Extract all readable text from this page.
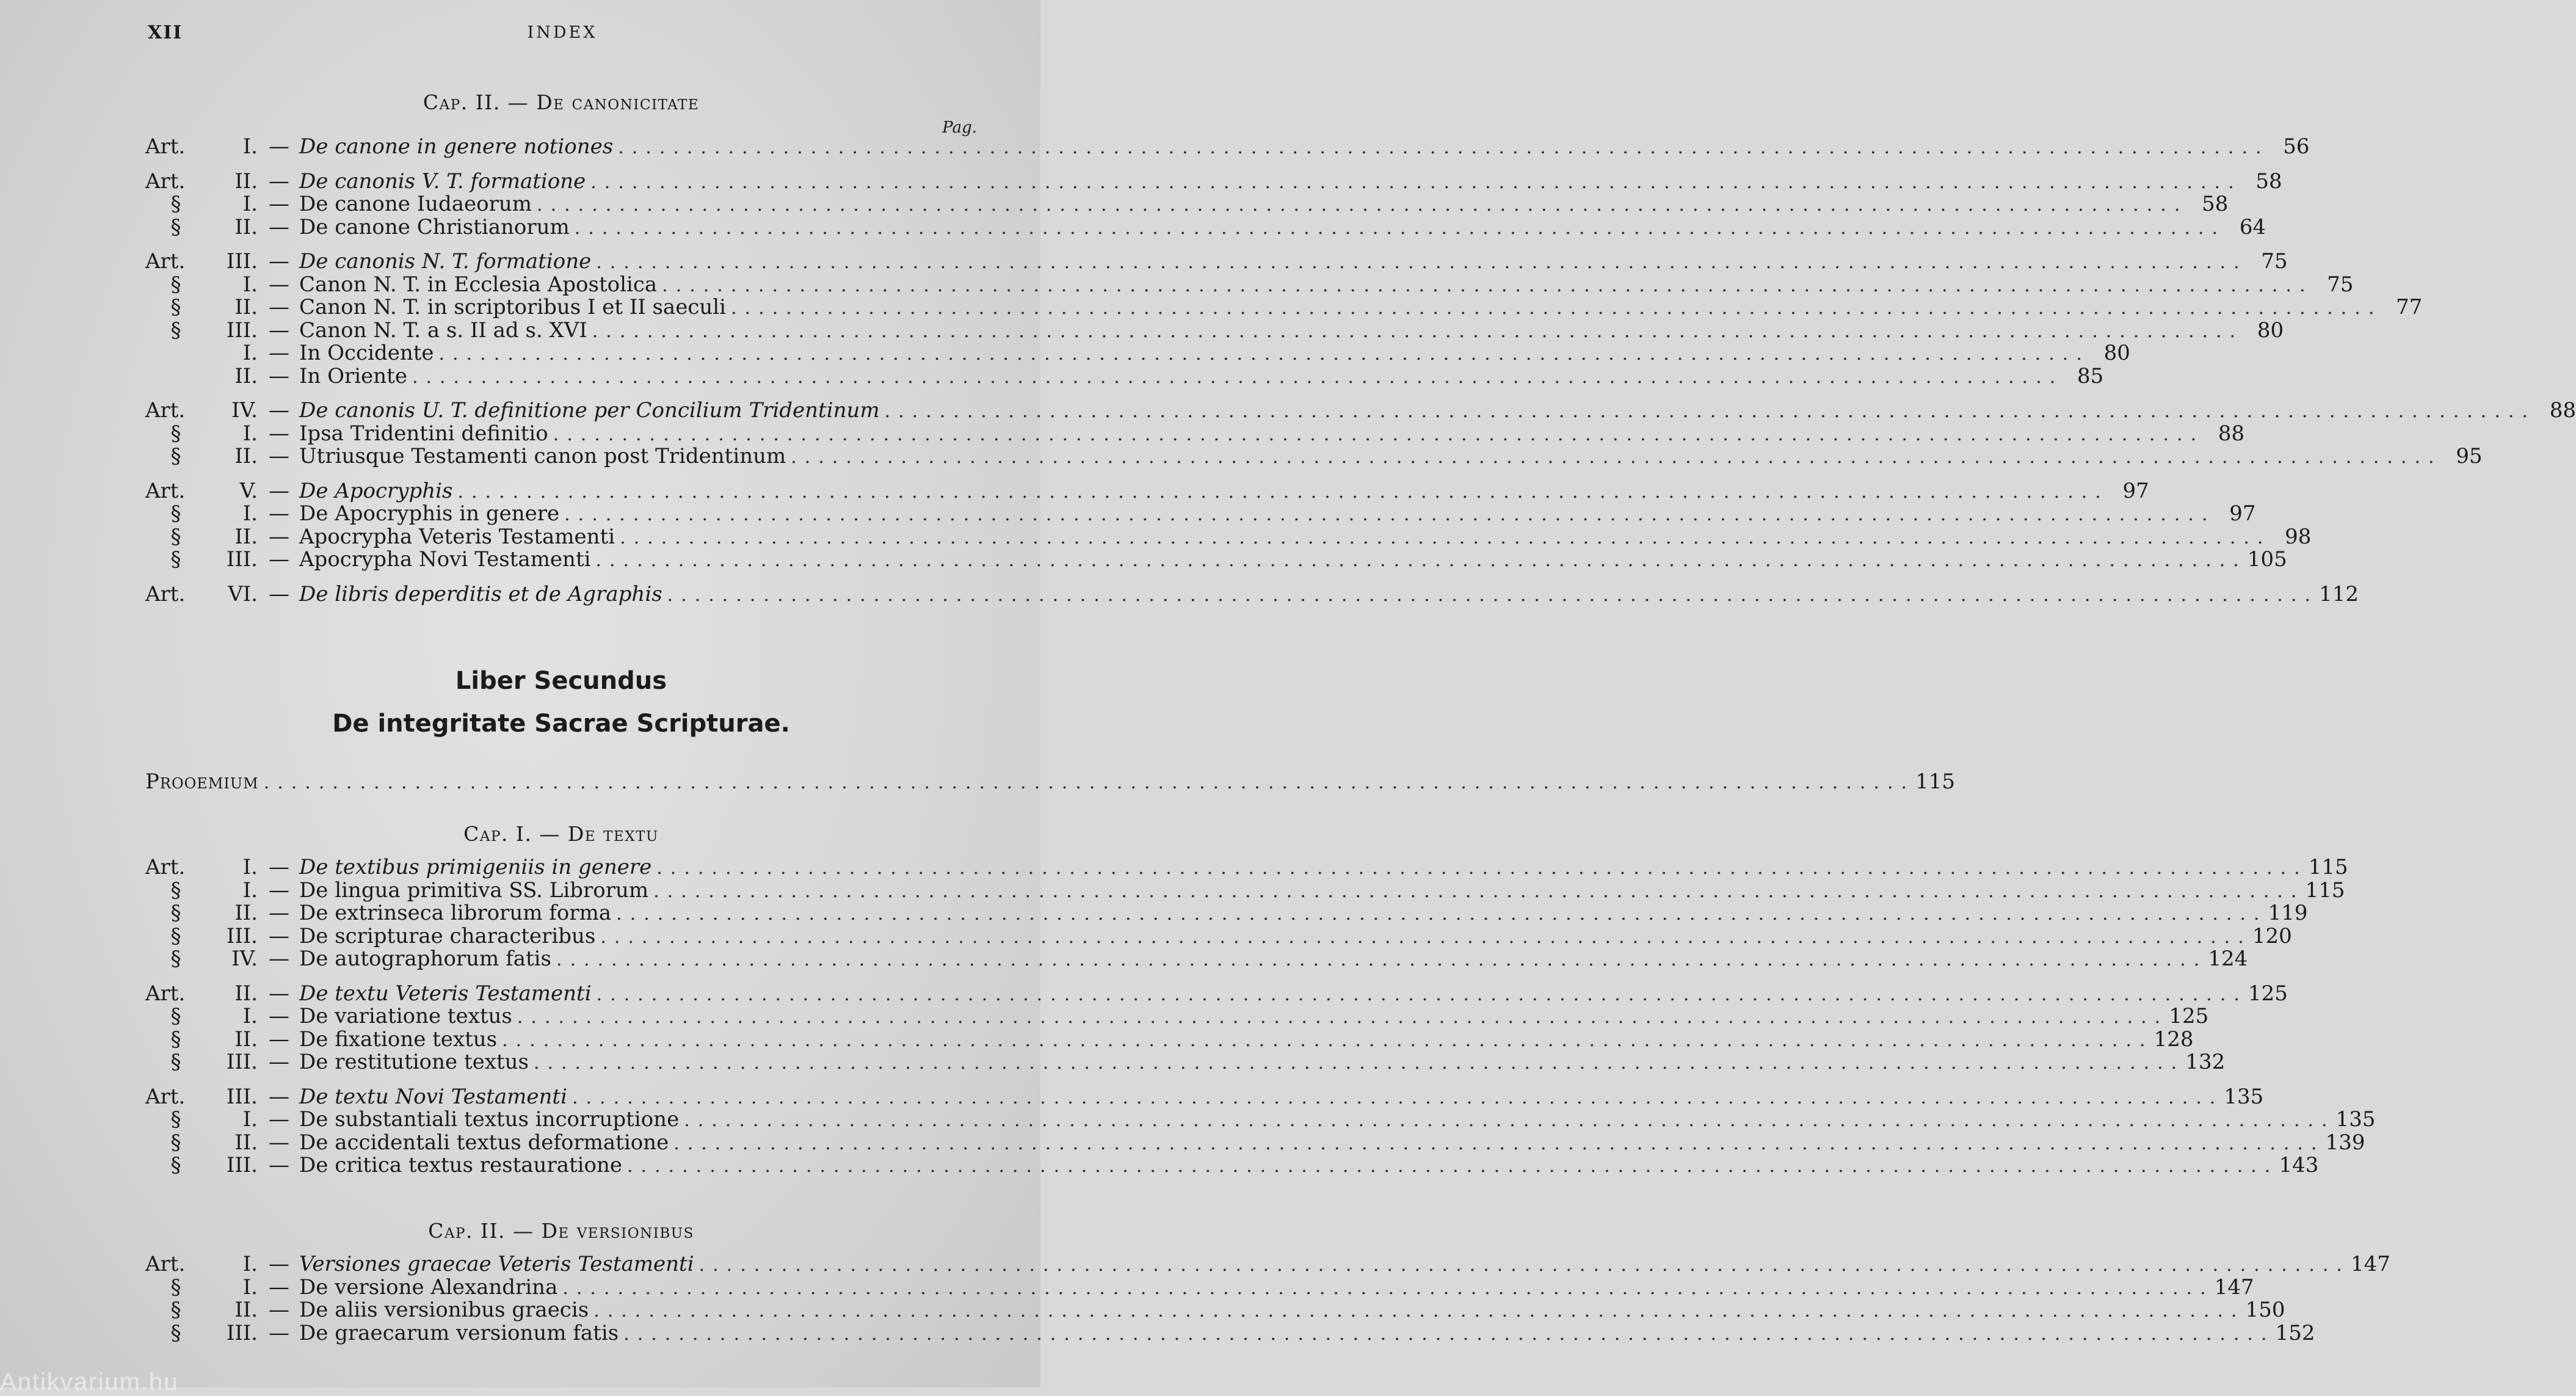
XII	INDEX
Cap. II. — De canonicitate
Pag.
Art.	I. — De canone in genere notiones ........................................................................................................................ 56
Art.	II. — De canonis V. T. formatione ........................................................................................................................ 58
§	I. — De canone Iudaeorum ........................................................................................................................ 58
§	II. — De canone Christianorum ........................................................................................................................ 64
Art.	III. — De canonis N. T. formatione ........................................................................................................................ 75
§	I. — Canon N. T. in Ecclesia Apostolica ........................................................................................................................ 75
§	II. — Canon N. T. in scriptoribus I et II saeculi ........................................................................................................................ 77
§	III. — Canon N. T. a s. II ad s. XVI ........................................................................................................................ 80
I. — In Occidente ........................................................................................................................ 80
II. — In Oriente ........................................................................................................................ 85
Art.	IV. — De canonis U. T. definitione per Concilium Tridentinum ........................................................................................................................ 88
§	I. — Ipsa Tridentini definitio ........................................................................................................................ 88
§	II. — Utriusque Testamenti canon post Tridentinum ........................................................................................................................ 95
Art.	V. — De Apocryphis ........................................................................................................................ 97
§	I. — De Apocryphis in genere ........................................................................................................................ 97
§	II. — Apocrypha Veteris Testamenti ........................................................................................................................ 98
§	III. — Apocrypha Novi Testamenti ........................................................................................................................ 105
Art.	VI. — De libris deperditis et de Agraphis ........................................................................................................................ 112
Liber Secundus
De integritate Sacrae Scripturae.
Prooemium ........................................................................................................................ 115
Cap. I. — De textu
Art.	I. — De textibus primigeniis in genere ........................................................................................................................ 115
§	I. — De lingua primitiva SS. Librorum ........................................................................................................................ 115
§	II. — De extrinseca librorum forma ........................................................................................................................ 119
§	III. — De scripturae characteribus ........................................................................................................................ 120
§	IV. — De autographorum fatis ........................................................................................................................ 124
Art.	II. — De textu Veteris Testamenti ........................................................................................................................ 125
§	I. — De variatione textus ........................................................................................................................ 125
§	II. — De fixatione textus ........................................................................................................................ 128
§	III. — De restitutione textus ........................................................................................................................ 132
Art.	III. — De textu Novi Testamenti ........................................................................................................................ 135
§	I. — De substantiali textus incorruptione ........................................................................................................................ 135
§	II. — De accidentali textus deformatione ........................................................................................................................ 139
§	III. — De critica textus restauratione ........................................................................................................................ 143
Cap. II. — De versionibus
Art.	I. — Versiones graecae Veteris Testamenti ........................................................................................................................ 147
§	I. — De versione Alexandrina ........................................................................................................................ 147
§	II. — De aliis versionibus graecis ........................................................................................................................ 150
§	III. — De graecarum versionum fatis ........................................................................................................................ 152
Antikvarium.hu
